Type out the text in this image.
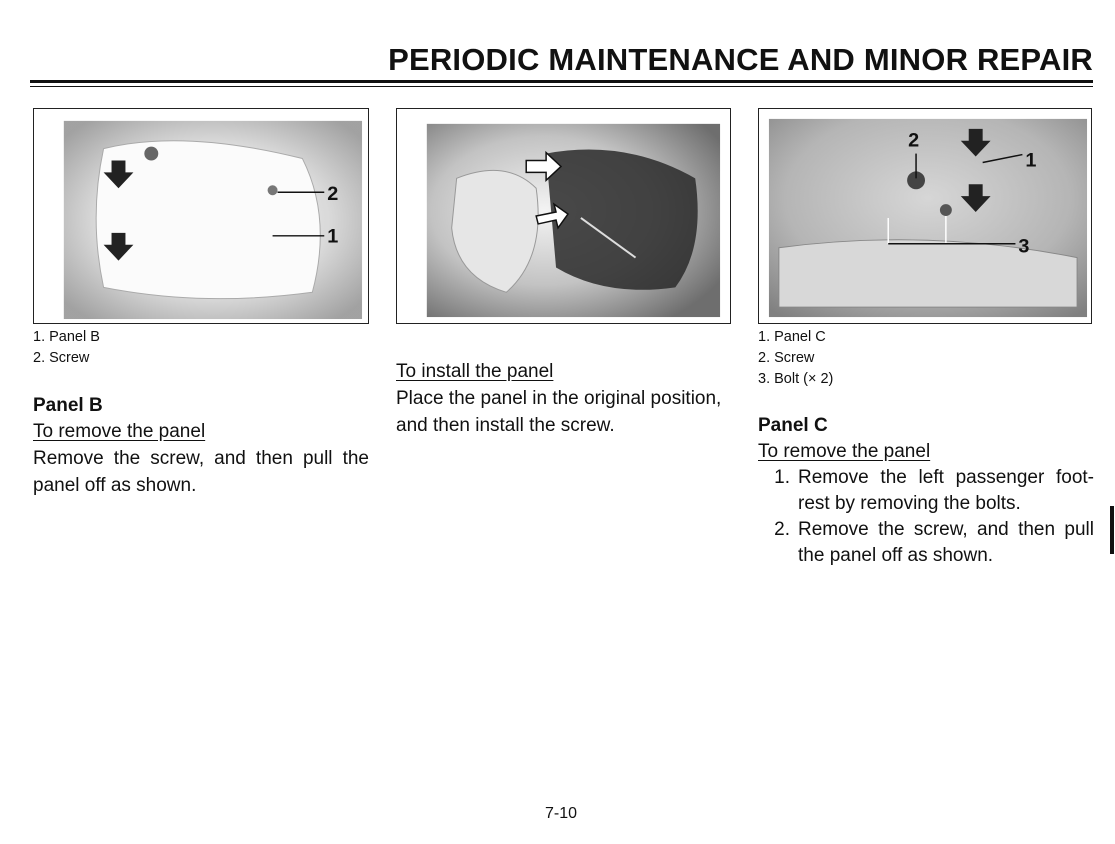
PERIODIC MAINTENANCE AND MINOR REPAIR
2
1
2
1
3
1. Panel B
2. Screw
Panel B
To remove the panel
Remove the screw, and then pull the
panel off as shown.
To install the panel
Place the panel in the original position,
and then install the screw.
1. Panel C
2. Screw
3. Bolt (× 2)
Panel C
To remove the panel
1. Remove the left passenger foot-
rest by removing the bolts.
2. Remove the screw, and then pull
the panel off as shown.
7-10
